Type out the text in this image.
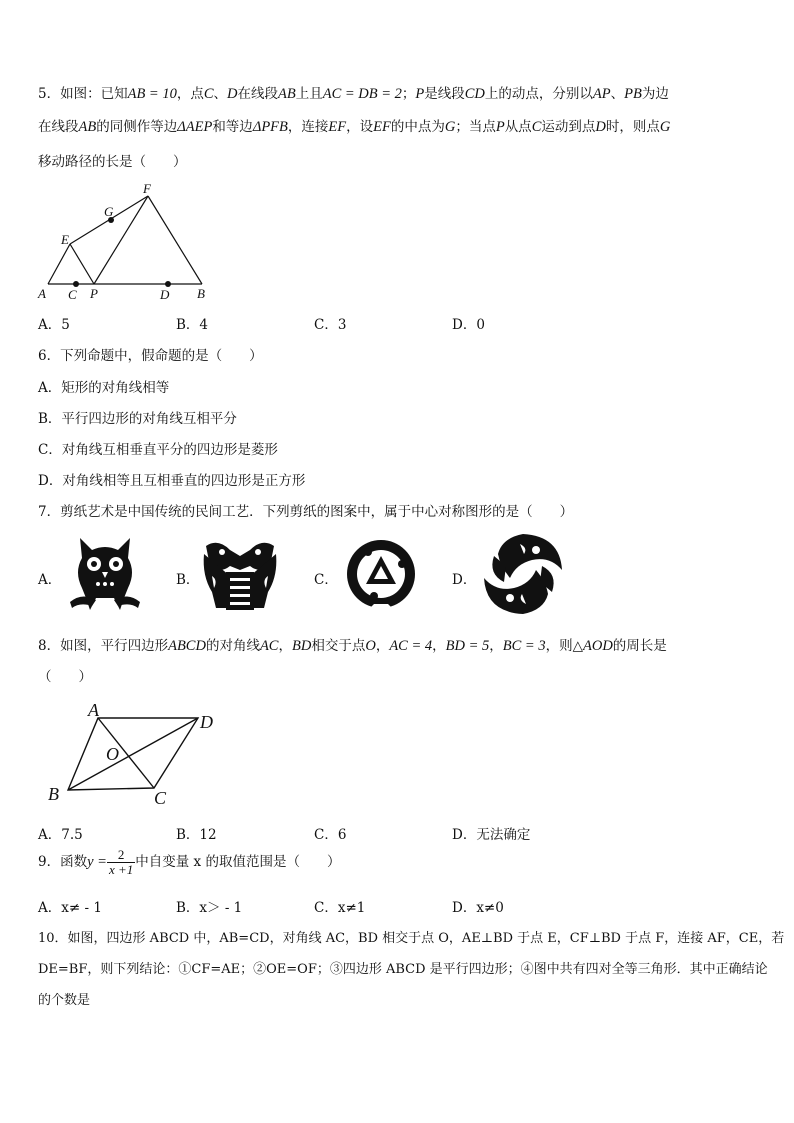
5．如图：已知AB = 10，点C、D在线段AB上且AC = DB = 2；P是线段CD上的动点，分别以AP、PB为边
在线段AB的同侧作等边ΔAEP和等边ΔPFB，连接EF，设EF的中点为G；当点P从点C运动到点D时，则点G
移动路径的长是（　　）
A C P	D B
E
G
F
A．5	B．4	C．3	D．0
6．下列命题中，假命题的是（　　）
A．矩形的对角线相等
B．平行四边形的对角线互相平分
C．对角线互相垂直平分的四边形是菱形
D．对角线相等且互相垂直的四边形是正方形
7．剪纸艺术是中国传统的民间工艺．下列剪纸的图案中，属于中心对称图形的是（　　）
A．	B．	C．	D．
8．如图，平行四边形ABCD的对角线AC，BD相交于点O，AC = 4，BD = 5，BC = 3，则△AOD的周长是
（　　）
A
D
B	C
O
A．7.5	B．12	C．6	D．无法确定
9．函数$y = \frac{2}{x +1}$ 中自变量 x 的取值范围是（　　）
A．x≠ - 1	B．x＞ - 1	C．x≠1	D．x≠0
10．如图，四边形 ABCD 中，AB=CD，对角线 AC，BD 相交于点 O，AE⊥BD 于点 E，CF⊥BD 于点 F，连接 AF，CE，若
DE=BF，则下列结论：①CF=AE；②OE=OF；③四边形 ABCD 是平行四边形；④图中共有四对全等三角形．其中正确结论
的个数是
